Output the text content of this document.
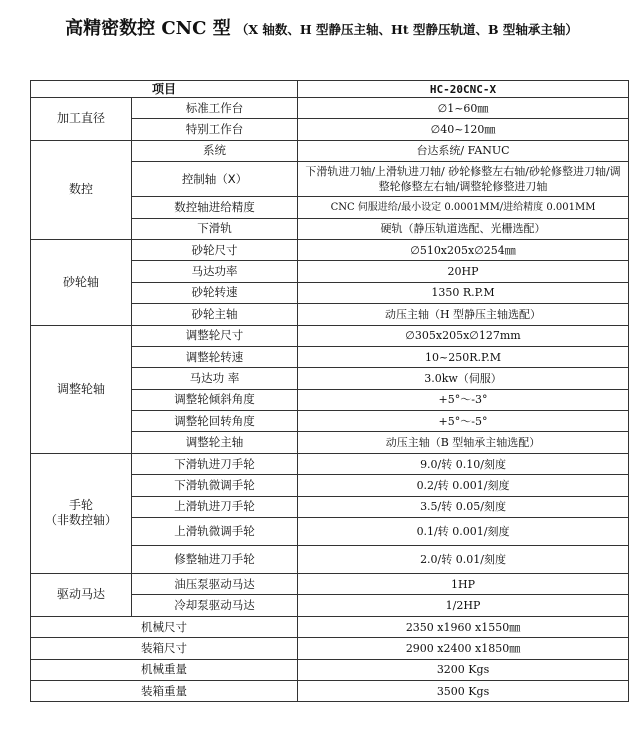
高精密数控 CNC 型 （X 轴数、H 型静压主轴、Ht 型静压轨道、B 型轴承主轴）
项目		HC-20CNC-X
加工直径	标准工作台	∅1~60㎜
	特别工作台	∅40~120㎜
数控	系统	台达系统/ FANUC
	控制轴（X）	下滑轨进刀轴/上滑轨进刀轴/ 砂轮修整左右轴/砂轮修整进刀轴/调整轮修整左右轴/调整轮修整进刀轴
	数控轴进给精度	CNC 伺服进给/最小设定 0.0001MM/进给精度 0.001MM
	下滑轨	硬轨（静压轨道选配、光栅选配）
砂轮轴	砂轮尺寸	∅510x205x∅254㎜
	马达功率	20HP
	砂轮转速	1350 R.P.M
	砂轮主轴	动压主轴（H 型静压主轴选配）
调整轮轴	调整轮尺寸	∅305x205x∅127mm
	调整轮转速	10~250R.P.M
	马达功 率	3.0kw（伺服）
	调整轮倾斜角度	+5°～-3°
	调整轮回转角度	+5°～-5°
	调整轮主轴	动压主轴（B 型轴承主轴选配）

手轮
（非数控轴）	下滑轨进刀手轮	9.0/转 0.10/刻度
	下滑轨微调手轮	0.2/转 0.001/刻度
	上滑轨进刀手轮	3.5/转 0.05/刻度
	上滑轨微调手轮	0.1/转 0.001/刻度
	修整轴进刀手轮	2.0/转 0.01/刻度
驱动马达	油压泵驱动马达	1HP
	冷却泵驱动马达	1/2HP
机械尺寸		2350 x1960 x1550㎜
装箱尺寸		2900 x2400 x1850㎜
机械重量		3200 Kgs
装箱重量		3500 Kgs
